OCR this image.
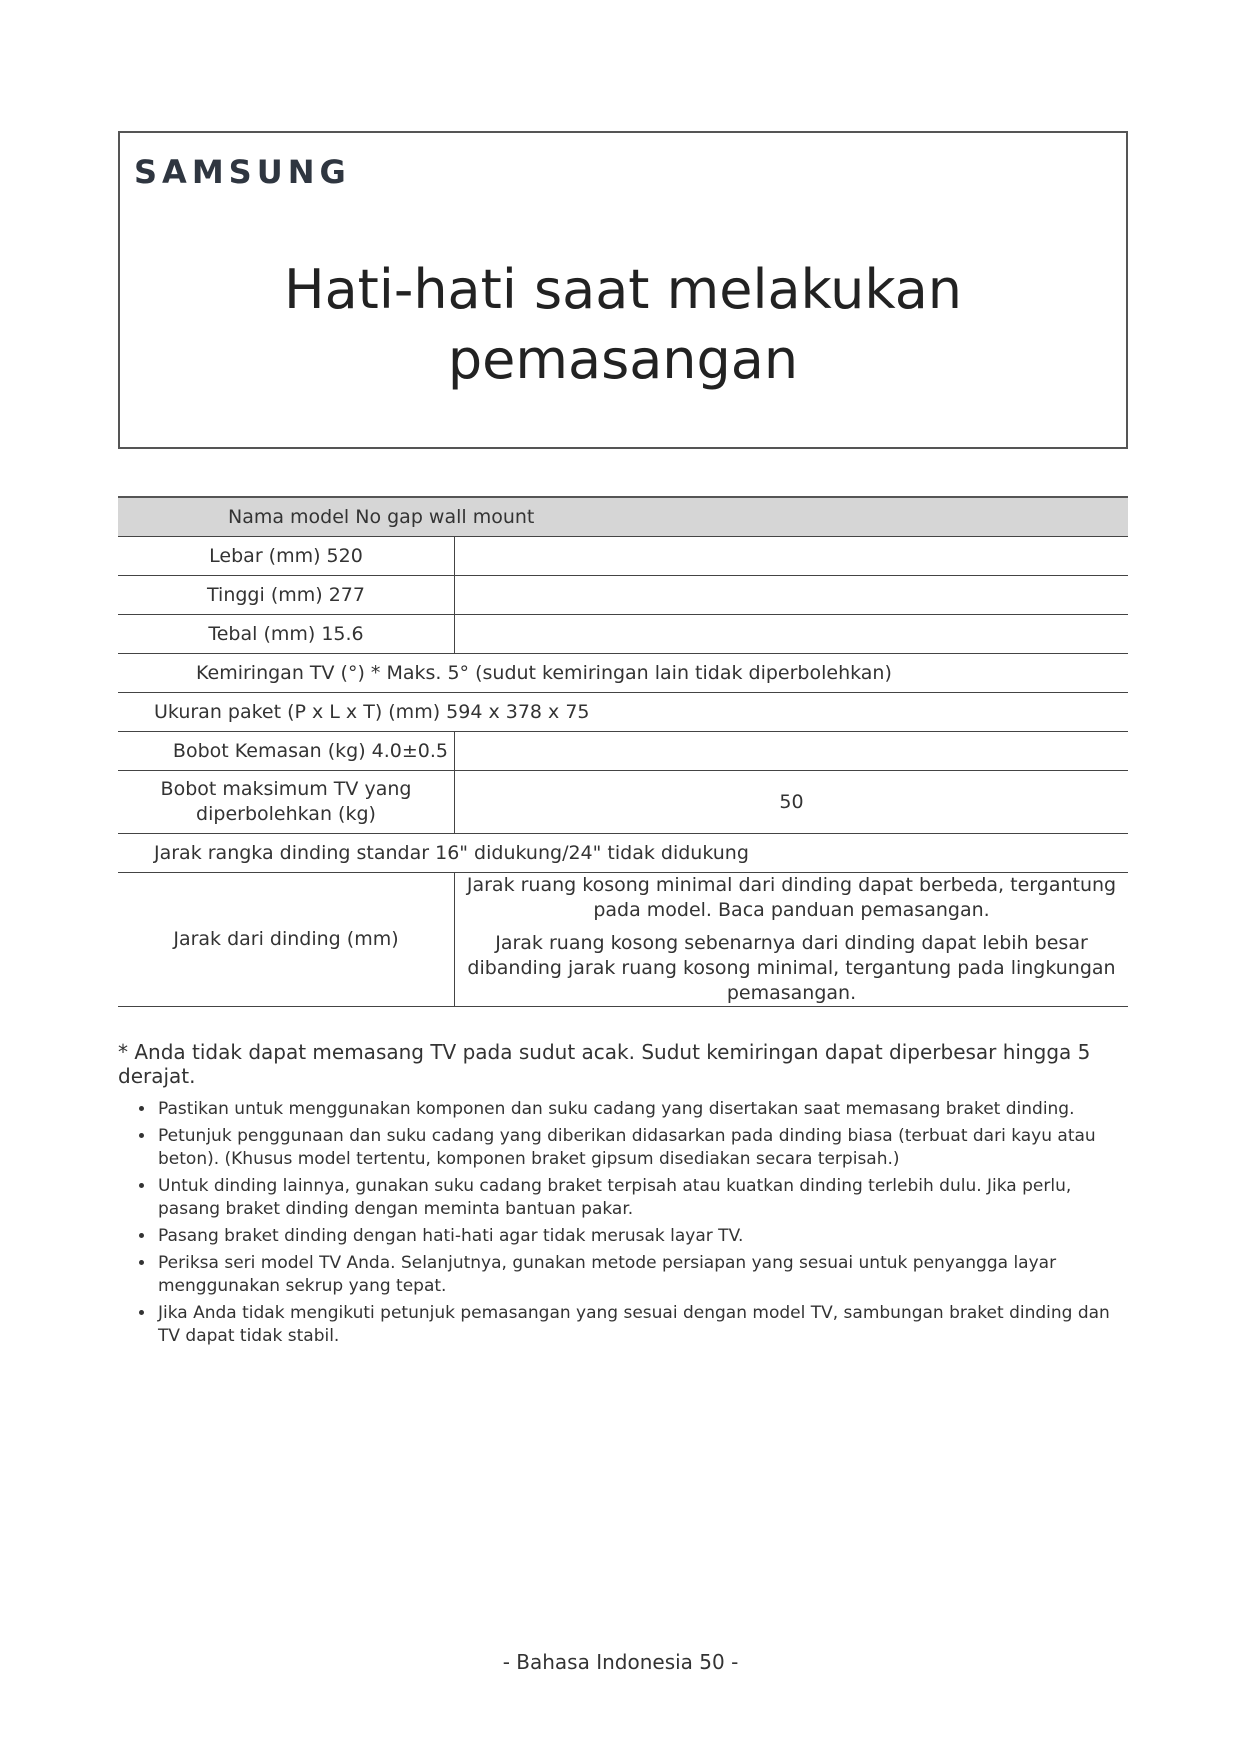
SAMSUNG
Hati-hati saat melakukan
pemasangan
Nama model No gap wall mount	
Lebar (mm) 520	
Tinggi (mm) 277	
Tebal (mm) 15.6	
Kemiringan TV (°) * Maks. 5° (sudut kemiringan lain tidak diperbolehkan)	
Ukuran paket (P x L x T) (mm) 594 x 378 x 75	
Bobot Kemasan (kg) 4.0±0.5	
Bobot maksimum TV yang diperbolehkan (kg)	50
Jarak rangka dinding standar 16" didukung/24" tidak didukung	
Jarak dari dinding (mm)	Jarak ruang kosong minimal dari dinding dapat berbeda, tergantung pada model. Baca panduan pemasangan.
Jarak ruang kosong sebenarnya dari dinding dapat lebih besar dibanding jarak ruang kosong minimal, tergantung pada lingkungan pemasangan.

* Anda tidak dapat memasang TV pada sudut acak. Sudut kemiringan dapat diperbesar hingga 5 derajat.

• Pastikan untuk menggunakan komponen dan suku cadang yang disertakan saat memasang braket dinding.
• Petunjuk penggunaan dan suku cadang yang diberikan didasarkan pada dinding biasa (terbuat dari kayu atau beton). (Khusus model tertentu, komponen braket gipsum disediakan secara terpisah.)
• Untuk dinding lainnya, gunakan suku cadang braket terpisah atau kuatkan dinding terlebih dulu. Jika perlu, pasang braket dinding dengan meminta bantuan pakar.
• Pasang braket dinding dengan hati-hati agar tidak merusak layar TV.
• Periksa seri model TV Anda. Selanjutnya, gunakan metode persiapan yang sesuai untuk penyangga layar menggunakan sekrup yang tepat.
• Jika Anda tidak mengikuti petunjuk pemasangan yang sesuai dengan model TV, sambungan braket dinding dan TV dapat tidak stabil.
- Bahasa Indonesia 50 -
